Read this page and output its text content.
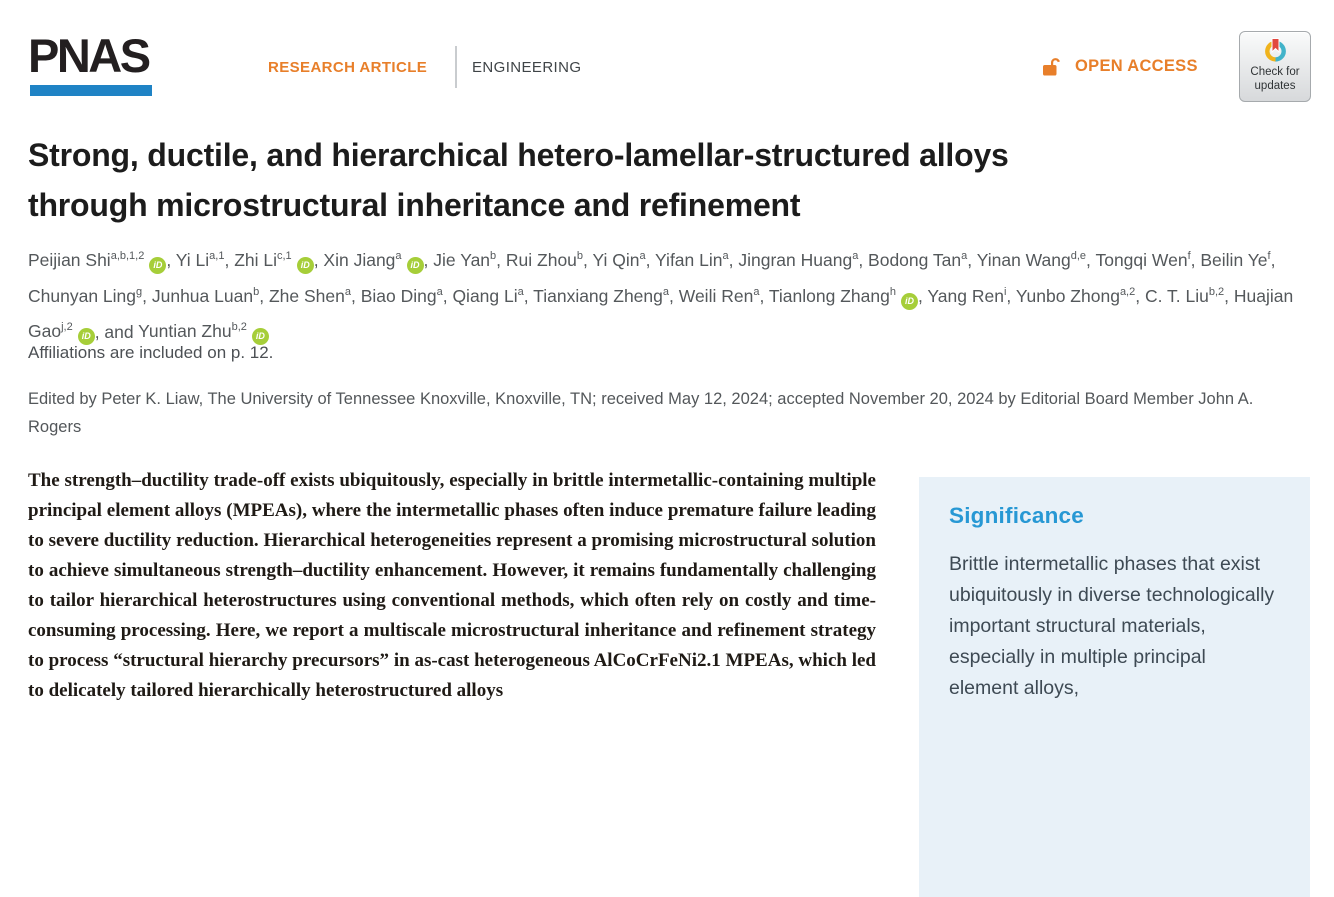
PNAS	RESEARCH ARTICLE	ENGINEERING	OPEN ACCESS	Check for
updates
Strong, ductile, and hierarchical hetero-lamellar-structured alloys
through microstructural inheritance and refinement
Peijian Shi$^{a,b,1,2}$iD , Yi Li$^{a,1}$, Zhi Li$^{c,1}$iD , Xin Jiang$^a$iD , Jie Yan$^b$, Rui Zhou$^b$, Yi Qin$^a$, Yifan Lin$^a$, Jingran Huang$^a$, Bodong Tan$^a$, Yinan Wang$^{d,e}$, Tongqi Wen$^f$, Beilin Ye$^f$, Chunyan Ling$^g$, Junhua Luan$^b$, Zhe Shen$^a$, Biao Ding$^a$, Qiang Li$^a$, Tianxiang Zheng$^a$, Weili Ren$^a$, Tianlong Zhang$^h$iD , Yang Ren$^i$, Yunbo Zhong$^{a,2}$, C. T. Liu$^{b,2}$, Huajian Gao$^{j,2}$iD , and Yuntian Zhu$^{b,2}$iD
Affiliations are included on p. 12.
Edited by Peter K. Liaw, The University of Tennessee Knoxville, Knoxville, TN; received May 12, 2024; accepted November 20, 2024 by Editorial Board Member John A. Rogers
The strength–ductility trade-off exists ubiquitously, especially in brittle intermetallic-containing multiple principal element alloys (MPEAs), where the intermetallic phases often induce premature failure leading to severe ductility reduction. Hierarchical heterogeneities represent a promising microstructural solution to achieve simultaneous strength–ductility enhancement. However, it remains fundamentally challenging to tailor hierarchical heterostructures using conventional methods, which often rely on costly and time-consuming processing. Here, we report a multiscale microstructural inheritance and refinement strategy to process “structural hierarchy precursors” in as-cast heterogeneous AlCoCrFeNi2.1 MPEAs, which led to delicately tailored hierarchically heterostructured alloys
Significance

Brittle intermetallic phases that exist ubiquitously in diverse technologically important structural materials, especially in multiple principal element alloys,
